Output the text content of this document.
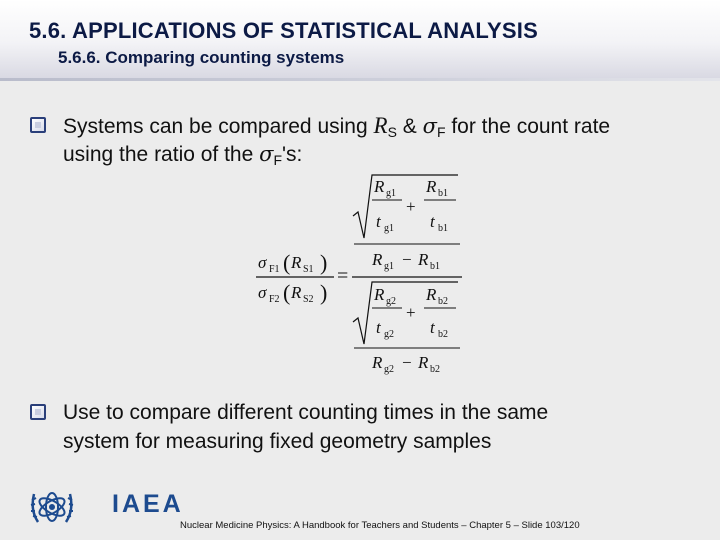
5.6. APPLICATIONS OF STATISTICAL ANALYSIS
5.6.6. Comparing counting systems
Systems can be compared using $R_S$ & $\sigma_F$ for the count rate
using the ratio of the $\sigma_F's$:
σ F1 ( R S1 )
σ F2 ( R S2 )
=
R g1
t g1
+
R b1
t b1
R g1 − R b1
R g2
t g2
+
R b2
t b2
R g2 − R b2
Use to compare different counting times in the same
system for measuring fixed geometry samples
IAEA
Nuclear Medicine Physics: A Handbook for Teachers and Students – Chapter 5 – Slide 103/120
